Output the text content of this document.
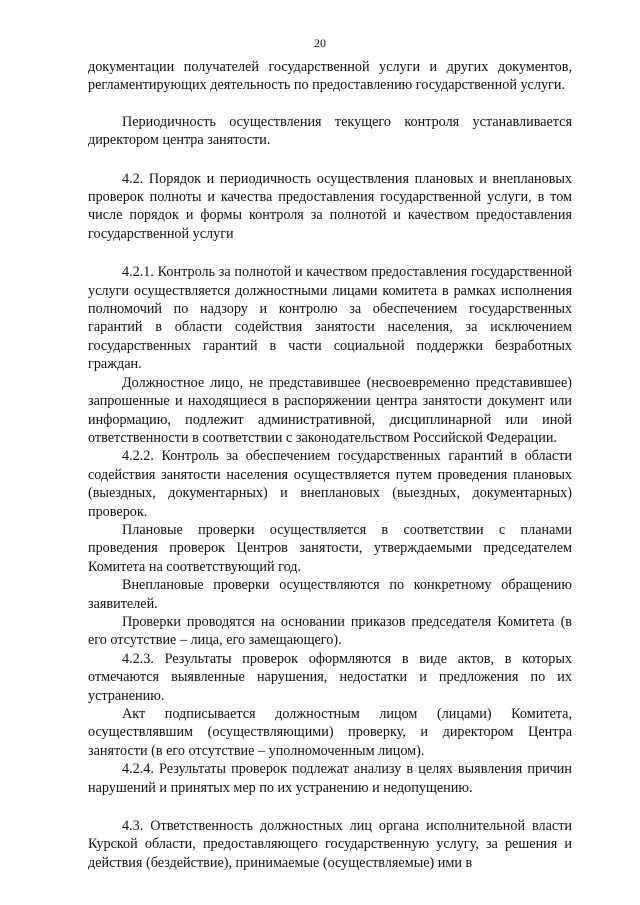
20

документации получателей государственной услуги и других документов, регламентирующих деятельность по предоставлению государственной услуги.

Периодичность осуществления текущего контроля устанавливается директором центра занятости.

4.2. Порядок и периодичность осуществления плановых и внеплановых проверок полноты и качества предоставления государственной услуги, в том числе порядок и формы контроля за полнотой и качеством предоставления государственной услуги

4.2.1. Контроль за полнотой и качеством предоставления государственной услуги осуществляется должностными лицами комитета в рамках исполнения полномочий по надзору и контролю за обеспечением государственных гарантий в области содействия занятости населения, за исключением государственных гарантий в части социальной поддержки безработных граждан.

Должностное лицо, не представившее (несвоевременно представившее) запрошенные и находящиеся в распоряжении центра занятости документ или информацию, подлежит административной, дисциплинарной или иной ответственности в соответствии с законодательством Российской Федерации.

4.2.2. Контроль за обеспечением государственных гарантий в области содействия занятости населения осуществляется путем проведения плановых (выездных, документарных) и внеплановых (выездных, документарных) проверок.

Плановые проверки осуществляется в соответствии с планами проведения проверок Центров занятости, утверждаемыми председателем Комитета на соответствующий год.

Внеплановые проверки осуществляются по конкретному обращению заявителей.

Проверки проводятся на основании приказов председателя Комитета (в его отсутствие – лица, его замещающего).

4.2.3. Результаты проверок оформляются в виде актов, в которых отмечаются выявленные нарушения, недостатки и предложения по их устранению.

Акт подписывается должностным лицом (лицами) Комитета, осуществлявшим (осуществляющими) проверку, и директором Центра занятости (в его отсутствие – уполномоченным лицом).

4.2.4. Результаты проверок подлежат анализу в целях выявления причин нарушений и принятых мер по их устранению и недопущению.

4.3. Ответственность должностных лиц органа исполнительной власти Курской области, предоставляющего государственную услугу, за решения и действия (бездействие), принимаемые (осуществляемые) ими в
